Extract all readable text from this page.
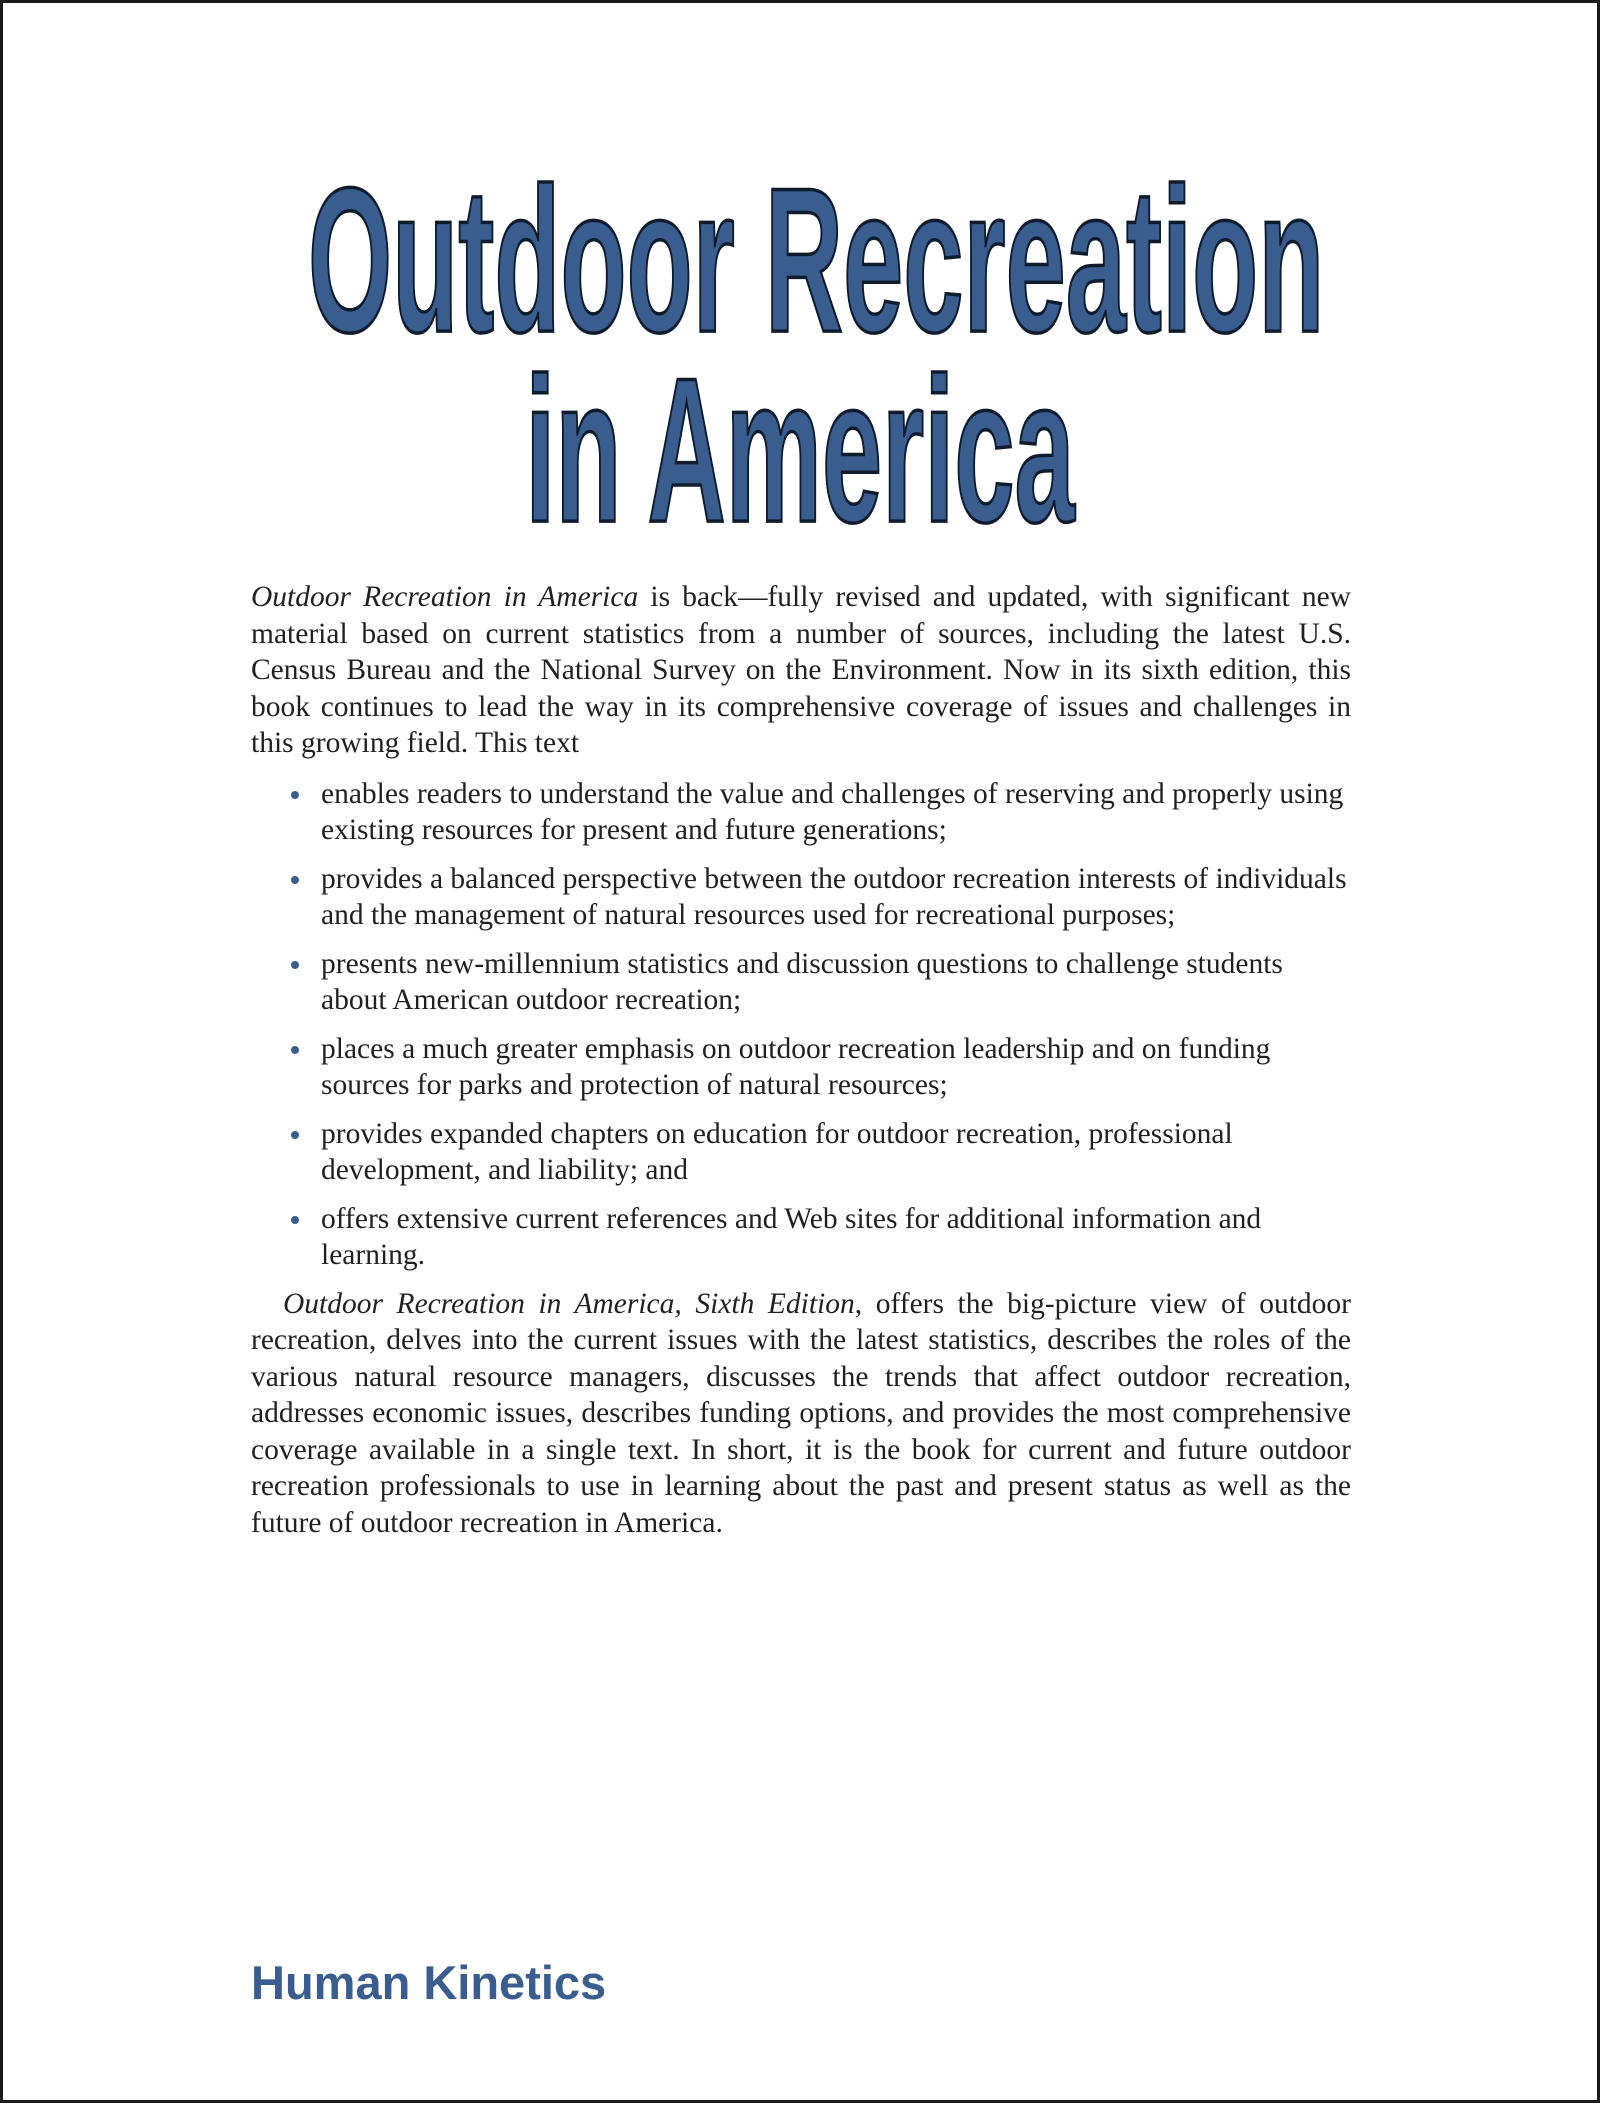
Outdoor Recreation
in America

Outdoor Recreation in America is back—fully revised and updated, with significant new material based on current statistics from a number of sources, including the latest U.S. Census Bureau and the National Survey on the Environment. Now in its sixth edition, this book continues to lead the way in its comprehensive coverage of issues and challenges in this growing field. This text

enables readers to understand the value and challenges of reserving and properly using existing resources for present and future generations;
provides a balanced perspective between the outdoor recreation interests of individuals and the management of natural resources used for recreational purposes;
presents new-millennium statistics and discussion questions to challenge students about American outdoor recreation;
places a much greater emphasis on outdoor recreation leadership and on funding sources for parks and protection of natural resources;
provides expanded chapters on education for outdoor recreation, professional development, and liability; and
offers extensive current references and Web sites for additional information and learning.

Outdoor Recreation in America, Sixth Edition, offers the big-picture view of outdoor recreation, delves into the current issues with the latest statistics, describes the roles of the various natural resource managers, discusses the trends that affect outdoor recreation, addresses economic issues, describes funding options, and provides the most comprehensive coverage available in a single text. In short, it is the book for current and future outdoor recreation professionals to use in learning about the past and present status as well as the future of outdoor recreation in America.

Human Kinetics
